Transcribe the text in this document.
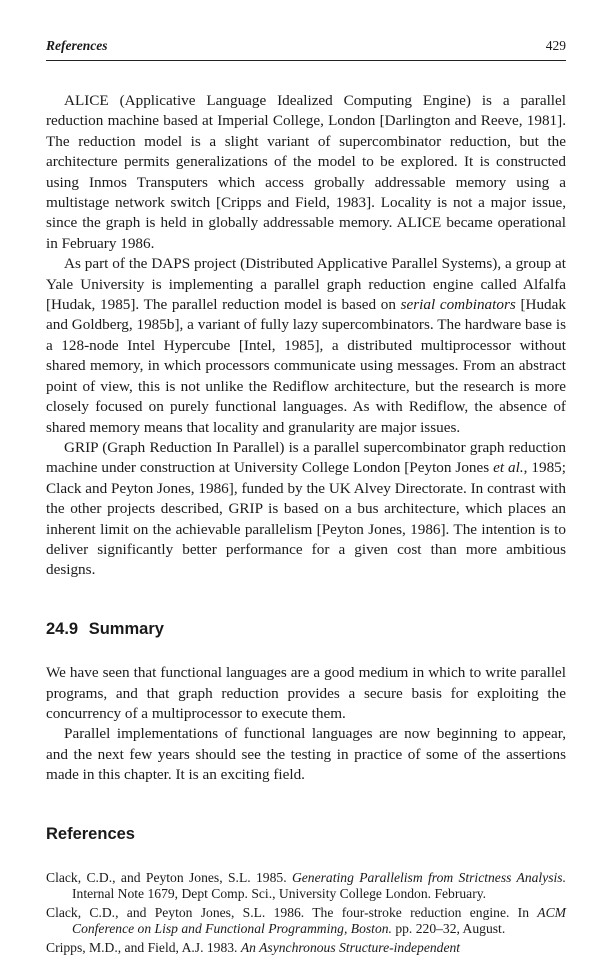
References	429

ALICE (Applicative Language Idealized Computing Engine) is a parallel reduction machine based at Imperial College, London [Darlington and Reeve, 1981]. The reduction model is a slight variant of supercombinator reduction, but the architecture permits generalizations of the model to be explored. It is constructed using Inmos Transputers which access grobally addressable memory using a multistage network switch [Cripps and Field, 1983]. Locality is not a major issue, since the graph is held in globally addressable memory. ALICE became operational in February 1986.

As part of the DAPS project (Distributed Applicative Parallel Systems), a group at Yale University is implementing a parallel graph reduction engine called Alfalfa [Hudak, 1985]. The parallel reduction model is based on serial combinators [Hudak and Goldberg, 1985b], a variant of fully lazy supercombinators. The hardware base is a 128-node Intel Hypercube [Intel, 1985], a distributed multiprocessor without shared memory, in which processors communicate using messages. From an abstract point of view, this is not unlike the Rediflow architecture, but the research is more closely focused on purely functional languages. As with Rediflow, the absence of shared memory means that locality and granularity are major issues.

GRIP (Graph Reduction In Parallel) is a parallel supercombinator graph reduction machine under construction at University College London [Peyton Jones et al., 1985; Clack and Peyton Jones, 1986], funded by the UK Alvey Directorate. In contrast with the other projects described, GRIP is based on a bus architecture, which places an inherent limit on the achievable parallelism [Peyton Jones, 1986]. The intention is to deliver significantly better performance for a given cost than more ambitious designs.

24.9 Summary

We have seen that functional languages are a good medium in which to write parallel programs, and that graph reduction provides a secure basis for exploiting the concurrency of a multiprocessor to execute them.

Parallel implementations of functional languages are now beginning to appear, and the next few years should see the testing in practice of some of the assertions made in this chapter. It is an exciting field.

References
Clack, C.D., and Peyton Jones, S.L. 1985. Generating Parallelism from Strictness Analysis. Internal Note 1679, Dept Comp. Sci., University College London. February.
Clack, C.D., and Peyton Jones, S.L. 1986. The four-stroke reduction engine. In ACM Conference on Lisp and Functional Programming, Boston. pp. 220–32, August.
Cripps, M.D., and Field, A.J. 1983. An Asynchronous Structure-independent
